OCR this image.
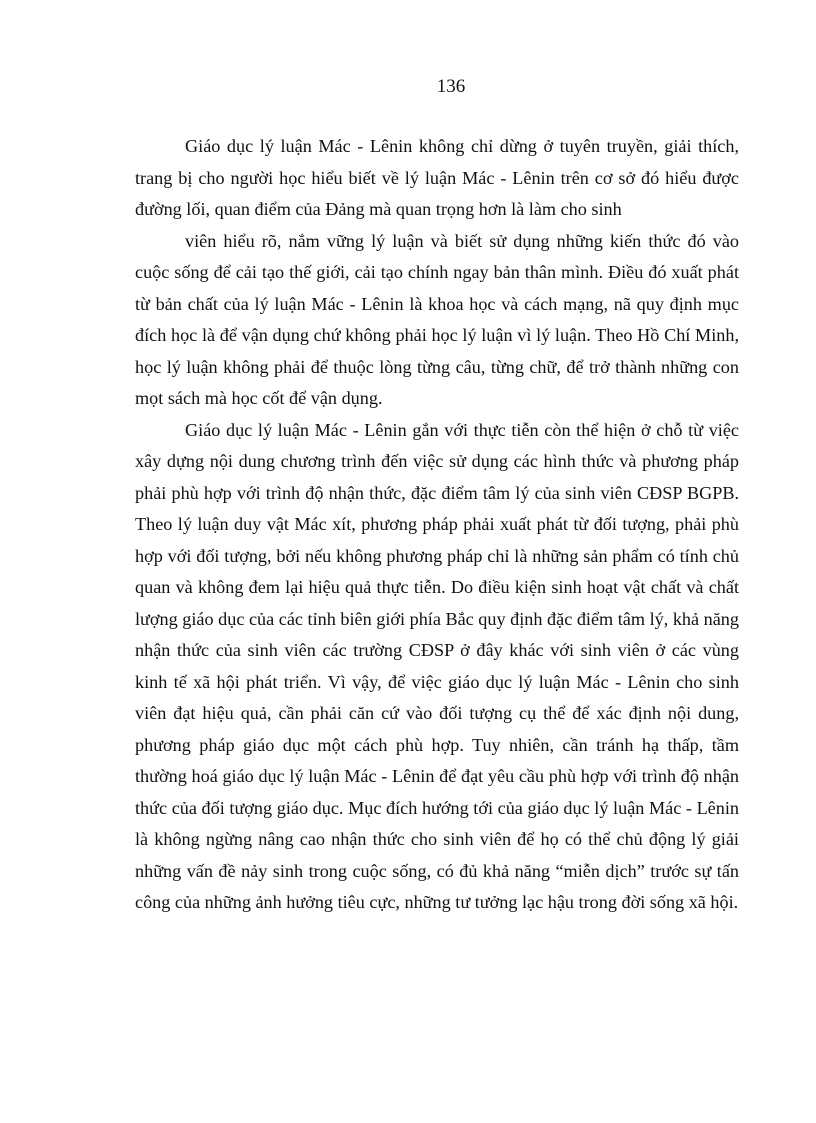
136

Giáo dục lý luận Mác - Lênin không chỉ dừng ở tuyên truyền, giải thích, trang bị cho người học hiểu biết về lý luận Mác - Lênin trên cơ sở đó hiểu được đường lối, quan điểm của Đảng mà quan trọng hơn là làm cho sinh

viên hiểu rõ, nắm vững lý luận và biết sử dụng những kiến thức đó vào cuộc sống để cải tạo thế giới, cải tạo chính ngay bản thân mình. Điều đó xuất phát từ bản chất của lý luận Mác - Lênin là khoa học và cách mạng, nã quy định mục đích học là để vận dụng chứ không phải học lý luận vì lý luận. Theo Hồ Chí Minh, học lý luận không phải để thuộc lòng từng câu, từng chữ, để trở thành những con mọt sách mà học cốt để vận dụng.

Giáo dục lý luận Mác - Lênin gắn với thực tiễn còn thể hiện ở chỗ từ việc xây dựng nội dung chương trình đến việc sử dụng các hình thức và phương pháp phải phù hợp với trình độ nhận thức, đặc điểm tâm lý của sinh viên CĐSP BGPB. Theo lý luận duy vật Mác xít, phương pháp phải xuất phát từ đối tượng, phải phù hợp với đối tượng, bởi nếu không phương pháp chỉ là những sản phẩm có tính chủ quan và không đem lại hiệu quả thực tiễn. Do điều kiện sinh hoạt vật chất và chất lượng giáo dục của các tỉnh biên giới phía Bắc quy định đặc điểm tâm lý, khả năng nhận thức của sinh viên các trường CĐSP ở đây khác với sinh viên ở các vùng kinh tế xã hội phát triển. Vì vậy, để việc giáo dục lý luận Mác - Lênin cho sinh viên đạt hiệu quả, cần phải căn cứ vào đối tượng cụ thể để xác định nội dung, phương pháp giáo dục một cách phù hợp. Tuy nhiên, cần tránh hạ thấp, tầm thường hoá giáo dục lý luận Mác - Lênin để đạt yêu cầu phù hợp với trình độ nhận thức của đối tượng giáo dục. Mục đích hướng tới của giáo dục lý luận Mác - Lênin là không ngừng nâng cao nhận thức cho sinh viên để họ có thể chủ động lý giải những vấn đề nảy sinh trong cuộc sống, có đủ khả năng “miễn dịch” trước sự tấn công của những ảnh hưởng tiêu cực, những tư tưởng lạc hậu trong đời sống xã hội.
